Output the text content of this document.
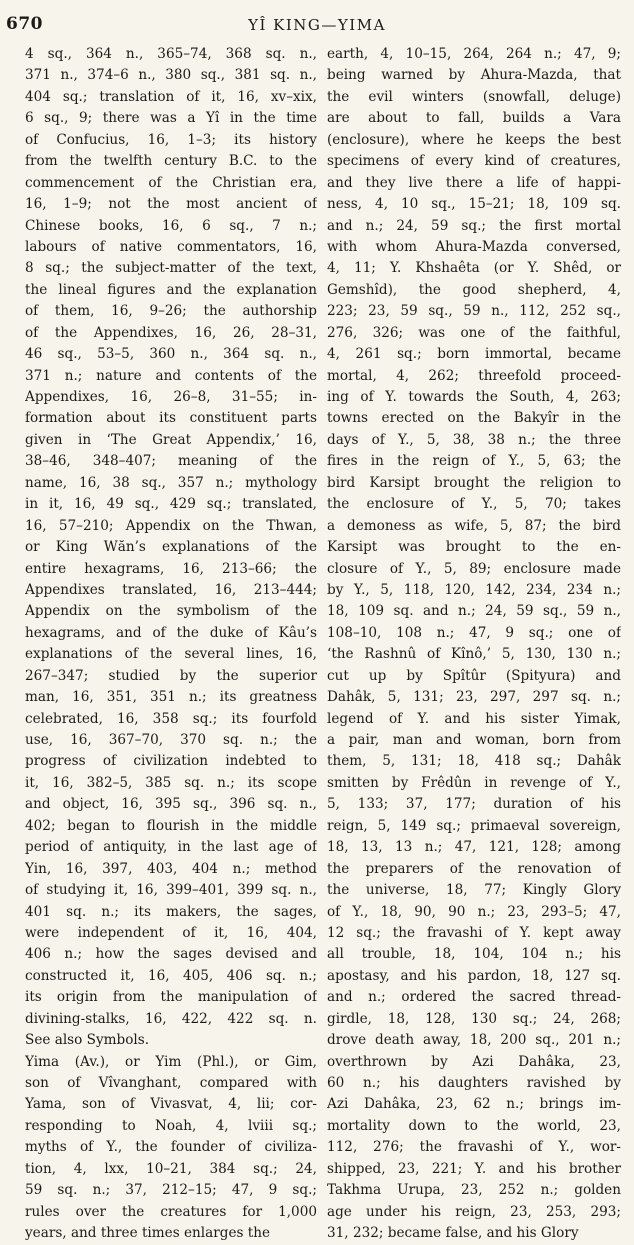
670	YÎ KING—YIMA
4 sq., 364 n., 365–74, 368 sq. n.,
371 n., 374–6 n., 380 sq., 381 sq. n.,
404 sq.; translation of it, 16, xv–xix,
6 sq., 9; there was a Yî in the time
of Confucius, 16, 1–3; its history
from the twelfth century B.C. to the
commencement of the Christian era,
16, 1–9; not the most ancient of
Chinese books, 16, 6 sq., 7 n.;
labours of native commentators, 16,
8 sq.; the subject-matter of the text,
the lineal figures and the explanation
of them, 16, 9–26; the authorship
of the Appendixes, 16, 26, 28–31,
46 sq., 53–5, 360 n., 364 sq. n.,
371 n.; nature and contents of the
Appendixes, 16, 26–8, 31–55; in-
formation about its constituent parts
given in ‘The Great Appendix,’ 16,
38–46, 348–407; meaning of the
name, 16, 38 sq., 357 n.; mythology
in it, 16, 49 sq., 429 sq.; translated,
16, 57–210; Appendix on the Thwan,
or King Wăn’s explanations of the
entire hexagrams, 16, 213–66; the
Appendixes translated, 16, 213–444;
Appendix on the symbolism of the
hexagrams, and of the duke of Kâu’s
explanations of the several lines, 16,
267–347; studied by the superior
man, 16, 351, 351 n.; its greatness
celebrated, 16, 358 sq.; its fourfold
use, 16, 367–70, 370 sq. n.; the
progress of civilization indebted to
it, 16, 382–5, 385 sq. n.; its scope
and object, 16, 395 sq., 396 sq. n.,
402; began to flourish in the middle
period of antiquity, in the last age of
Yin, 16, 397, 403, 404 n.; method
of studying it, 16, 399–401, 399 sq. n.,
401 sq. n.; its makers, the sages,
were independent of it, 16, 404,
406 n.; how the sages devised and
constructed it, 16, 405, 406 sq. n.;
its origin from the manipulation of
divining-stalks, 16, 422, 422 sq. n.
See also Symbols.
Yima (Av.), or Yim (Phl.), or Gim,
son of Vîvanghant, compared with
Yama, son of Vivasvat, 4, lii; cor-
responding to Noah, 4, lviii sq.;
myths of Y., the founder of civiliza-
tion, 4, lxx, 10–21, 384 sq.; 24,
59 sq. n.; 37, 212–15; 47, 9 sq.;
rules over the creatures for 1,000
years, and three times enlarges the
earth, 4, 10–15, 264, 264 n.; 47, 9;
being warned by Ahura-Mazda, that
the evil winters (snowfall, deluge)
are about to fall, builds a Vara
(enclosure), where he keeps the best
specimens of every kind of creatures,
and they live there a life of happi-
ness, 4, 10 sq., 15–21; 18, 109 sq.
and n.; 24, 59 sq.; the first mortal
with whom Ahura-Mazda conversed,
4, 11; Y. Khshaêta (or Y. Shêd, or
Gemshîd), the good shepherd, 4,
223; 23, 59 sq., 59 n., 112, 252 sq.,
276, 326; was one of the faithful,
4, 261 sq.; born immortal, became
mortal, 4, 262; threefold proceed-
ing of Y. towards the South, 4, 263;
towns erected on the Bakyîr in the
days of Y., 5, 38, 38 n.; the three
fires in the reign of Y., 5, 63; the
bird Karsipt brought the religion to
the enclosure of Y., 5, 70; takes
a demoness as wife, 5, 87; the bird
Karsipt was brought to the en-
closure of Y., 5, 89; enclosure made
by Y., 5, 118, 120, 142, 234, 234 n.;
18, 109 sq. and n.; 24, 59 sq., 59 n.,
108–10, 108 n.; 47, 9 sq.; one of
‘the Rashnû of Kînô,’ 5, 130, 130 n.;
cut up by Spîtûr (Spityura) and
Dahâk, 5, 131; 23, 297, 297 sq. n.;
legend of Y. and his sister Yimak,
a pair, man and woman, born from
them, 5, 131; 18, 418 sq.; Dahâk
smitten by Frêdûn in revenge of Y.,
5, 133; 37, 177; duration of his
reign, 5, 149 sq.; primaeval sovereign,
18, 13, 13 n.; 47, 121, 128; among
the preparers of the renovation of
the universe, 18, 77; Kingly Glory
of Y., 18, 90, 90 n.; 23, 293–5; 47,
12 sq.; the fravashi of Y. kept away
all trouble, 18, 104, 104 n.; his
apostasy, and his pardon, 18, 127 sq.
and n.; ordered the sacred thread-
girdle, 18, 128, 130 sq.; 24, 268;
drove death away, 18, 200 sq., 201 n.;
overthrown by Azi Dahâka, 23,
60 n.; his daughters ravished by
Azi Dahâka, 23, 62 n.; brings im-
mortality down to the world, 23,
112, 276; the fravashi of Y., wor-
shipped, 23, 221; Y. and his brother
Takhma Urupa, 23, 252 n.; golden
age under his reign, 23, 253, 293;
31, 232; became false, and his Glory
